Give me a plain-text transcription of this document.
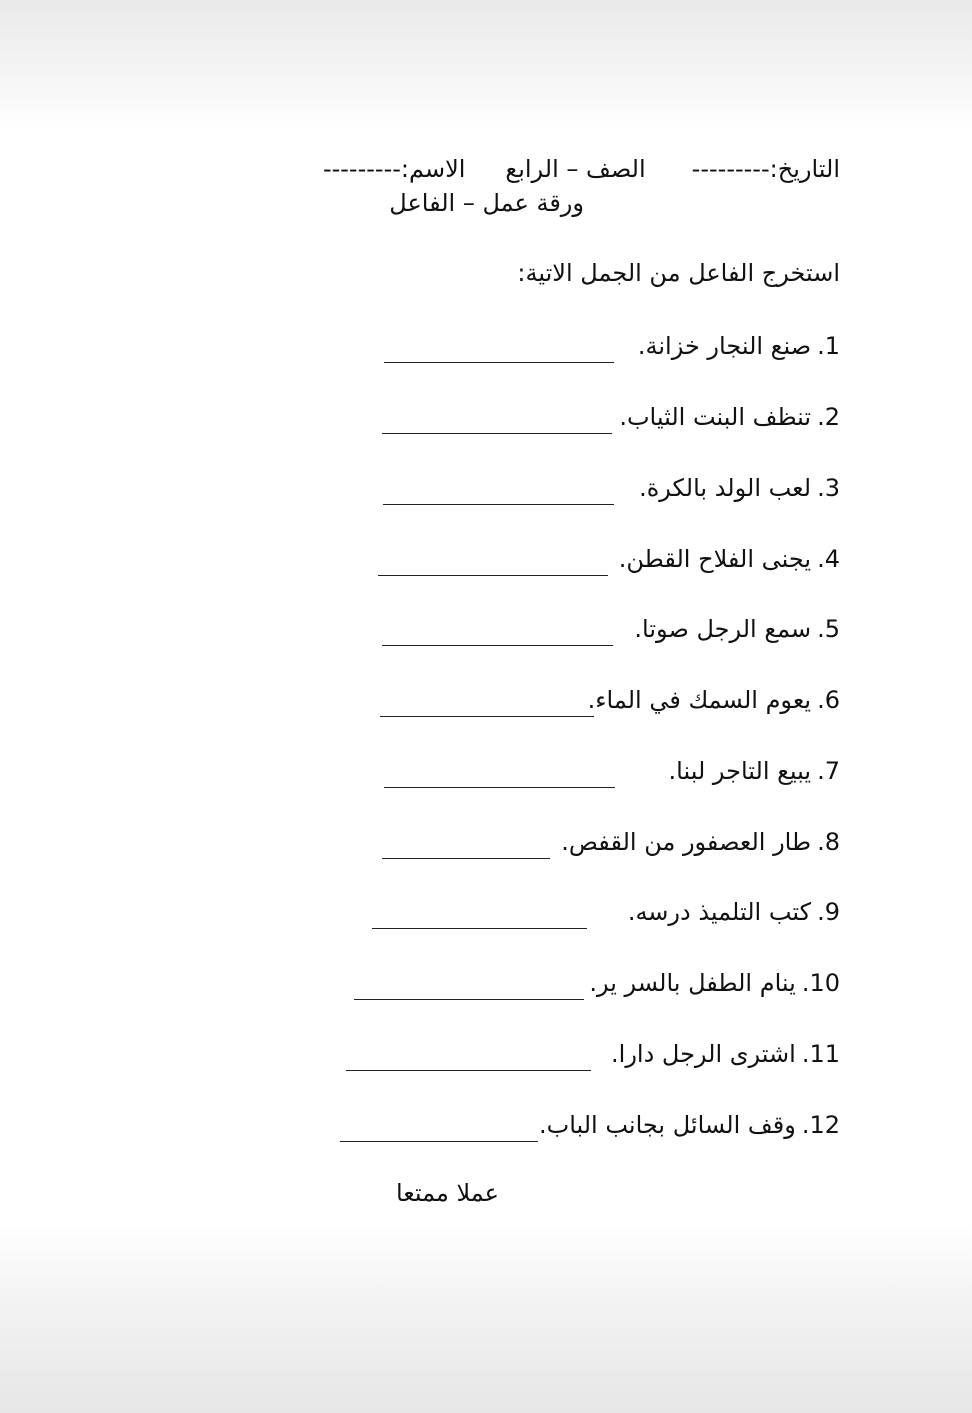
الاسم:--------- الصف – الرابع التاريخ:---------
ورقة عمل – الفاعل
استخرج الفاعل من الجمل الاتية:
1.صنع النجار خزانة.
2.تنظف البنت الثياب.
3.لعب الولد بالكرة.
4.يجنى الفلاح القطن.
5.سمع الرجل صوتا.
6.يعوم السمك في الماء.
7.يبيع التاجر لبنا.
8.طار العصفور من القفص.
9.كتب التلميذ درسه.
10.ينام الطفل بالسر ير.
11.اشترى الرجل دارا.
12.وقف السائل بجانب الباب.
عملا ممتعا
